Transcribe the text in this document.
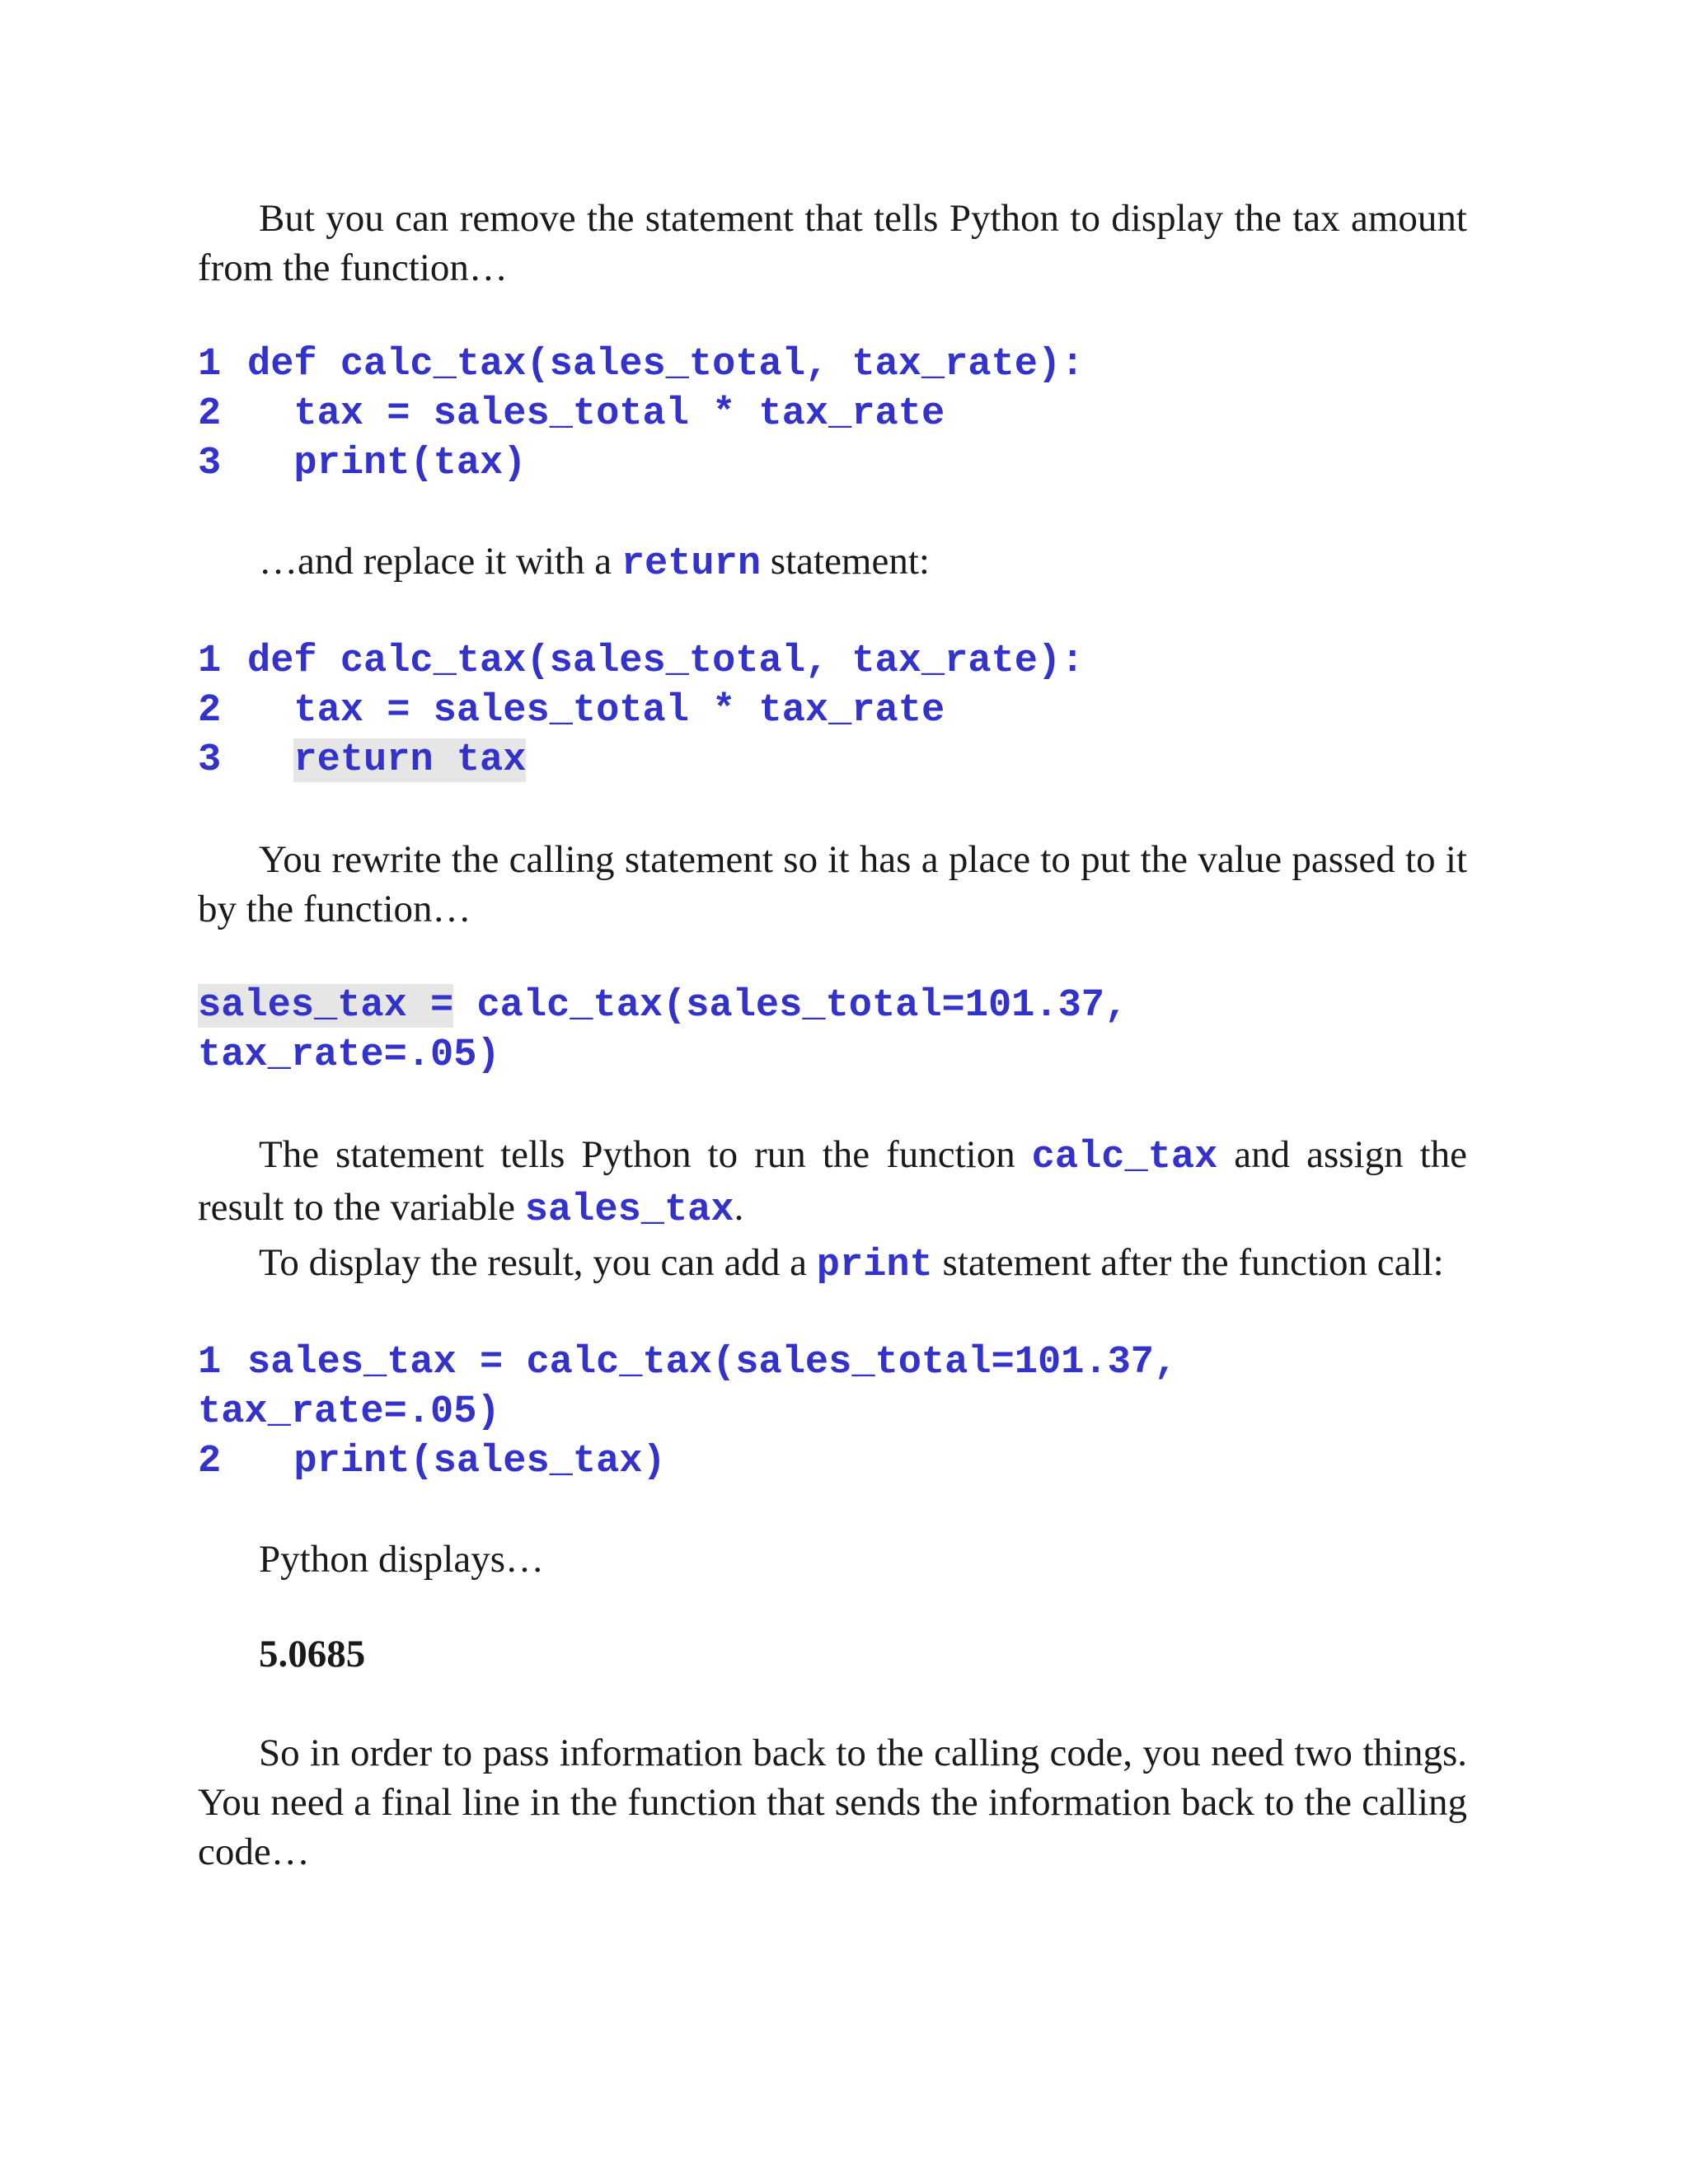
But you can remove the statement that tells Python to display the tax amount from the function…

1 def calc_tax(sales_total, tax_rate):
2 tax = sales_total * tax_rate
3 print(tax)

…and replace it with a return statement:

1 def calc_tax(sales_total, tax_rate):
2 tax = sales_total * tax_rate
3 return tax

You rewrite the calling statement so it has a place to put the value passed to it by the function…

sales_tax = calc_tax(sales_total=101.37,
tax_rate=.05)

The statement tells Python to run the function calc_tax and assign the result to the variable sales_tax.

To display the result, you can add a print statement after the function call:

1 sales_tax = calc_tax(sales_total=101.37,
tax_rate=.05)
2 print(sales_tax)

Python displays…

5.0685

So in order to pass information back to the calling code, you need two things. You need a final line in the function that sends the information back to the calling code…
